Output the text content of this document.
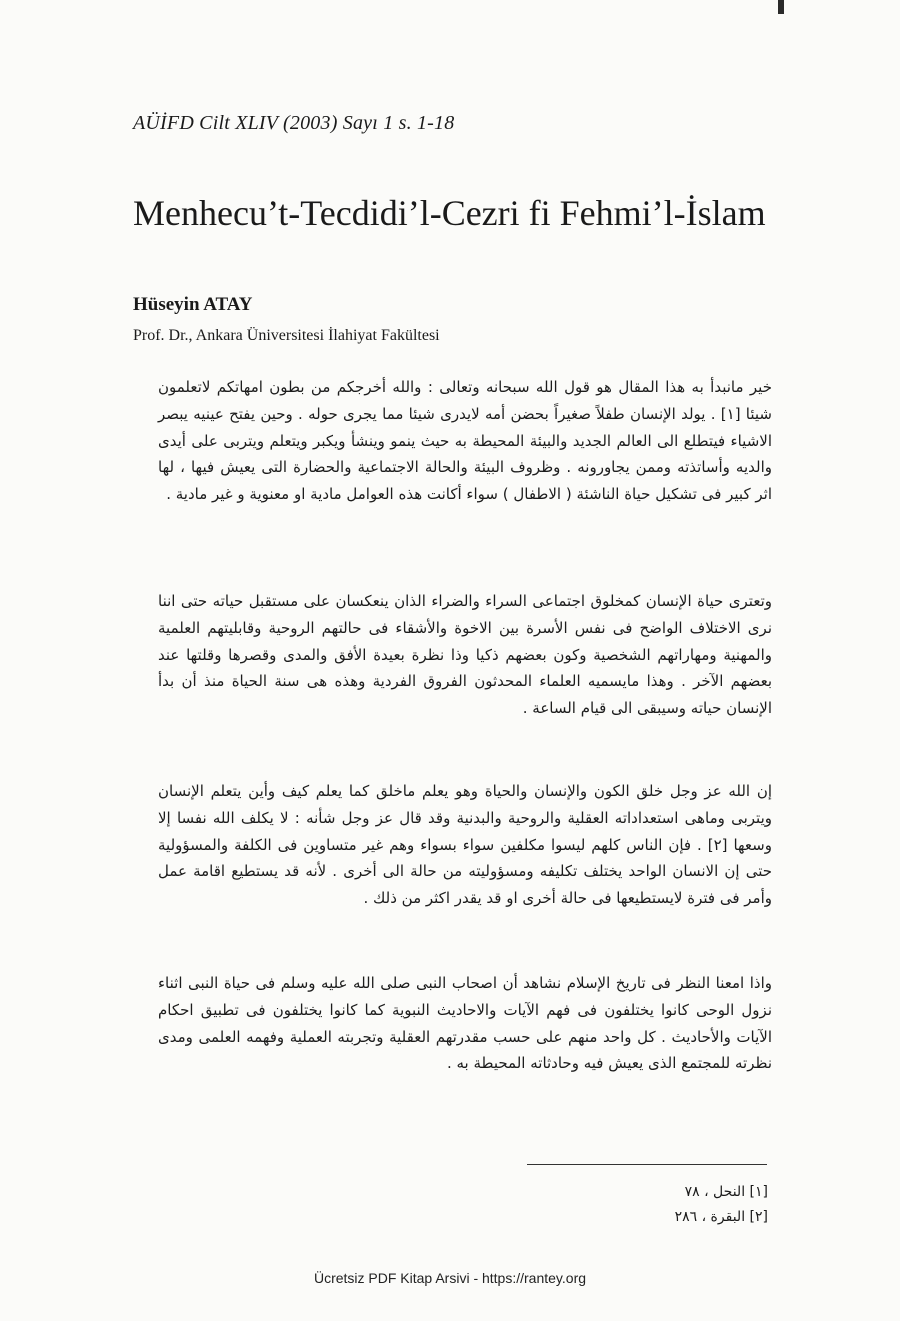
AÜİFD Cilt XLIV (2003) Sayı 1 s. 1-18
Menhecu’t-Tecdidi’l-Cezri fi Fehmi’l-İslam
Hüseyin ATAY
Prof. Dr., Ankara Üniversitesi İlahiyat Fakültesi

خير مانبدأ به هذا المقال هو قول الله سبحانه وتعالى : والله أخرجكم من بطون امهاتكم لاتعلمون شيئا [١] . يولد الإنسان طفلاً صغيراً بحضن أمه لايدرى شيئا مما يجرى حوله . وحين يفتح عينيه يبصر الاشياء فيتطلع الى العالم الجديد والبيئة المحيطة به حيث ينمو وينشأ ويكبر ويتعلم ويتربى على أيدى والديه وأساتذته وممن يجاورونه . وظروف البيئة والحالة الاجتماعية والحضارة التى يعيش فيها ، لها اثر كبير فى تشكيل حياة الناشئة ( الاطفال ) سواء أكانت هذه العوامل مادية او معنوية و غير مادية .

وتعترى حياة الإنسان كمخلوق اجتماعى السراء والضراء الذان ينعكسان على مستقبل حياته حتى اننا نرى الاختلاف الواضح فى نفس الأسرة بين الاخوة والأشقاء فى حالتهم الروحية وقابليتهم العلمية والمهنية ومهاراتهم الشخصية وكون بعضهم ذكيا وذا نظرة بعيدة الأفق والمدى وقصرها وقلتها عند بعضهم الآخر . وهذا مايسميه العلماء المحدثون الفروق الفردية وهذه هى سنة الحياة منذ أن بدأ الإنسان حياته وسيبقى الى قيام الساعة .

إن الله عز وجل خلق الكون والإنسان والحياة وهو يعلم ماخلق كما يعلم كيف وأين يتعلم الإنسان ويتربى وماهى استعداداته العقلية والروحية والبدنية وقد قال عز وجل شأنه : لا يكلف الله نفسا إلا وسعها [٢] . فإن الناس كلهم ليسوا مكلفين سواء بسواء وهم غير متساوين فى الكلفة والمسؤولية حتى إن الانسان الواحد يختلف تكليفه ومسؤوليته من حالة الى أخرى . لأنه قد يستطيع اقامة عمل وأمر فى فترة لايستطيعها فى حالة أخرى او قد يقدر اكثر من ذلك .

واذا امعنا النظر فى تاريخ الإسلام نشاهد أن اصحاب النبى صلى الله عليه وسلم فى حياة النبى اثناء نزول الوحى كانوا يختلفون فى فهم الآيات والاحاديث النبوية كما كانوا يختلفون فى تطبيق احكام الآيات والأحاديث . كل واحد منهم على حسب مقدرتهم العقلية وتجربته العملية وفهمه العلمى ومدى نظرته للمجتمع الذى يعيش فيه وحادثاته المحيطة به .

[١] النحل ، ٧٨

[٢] البقرة ، ٢٨٦

Ücretsiz PDF Kitap Arsivi - https://rantey.org
